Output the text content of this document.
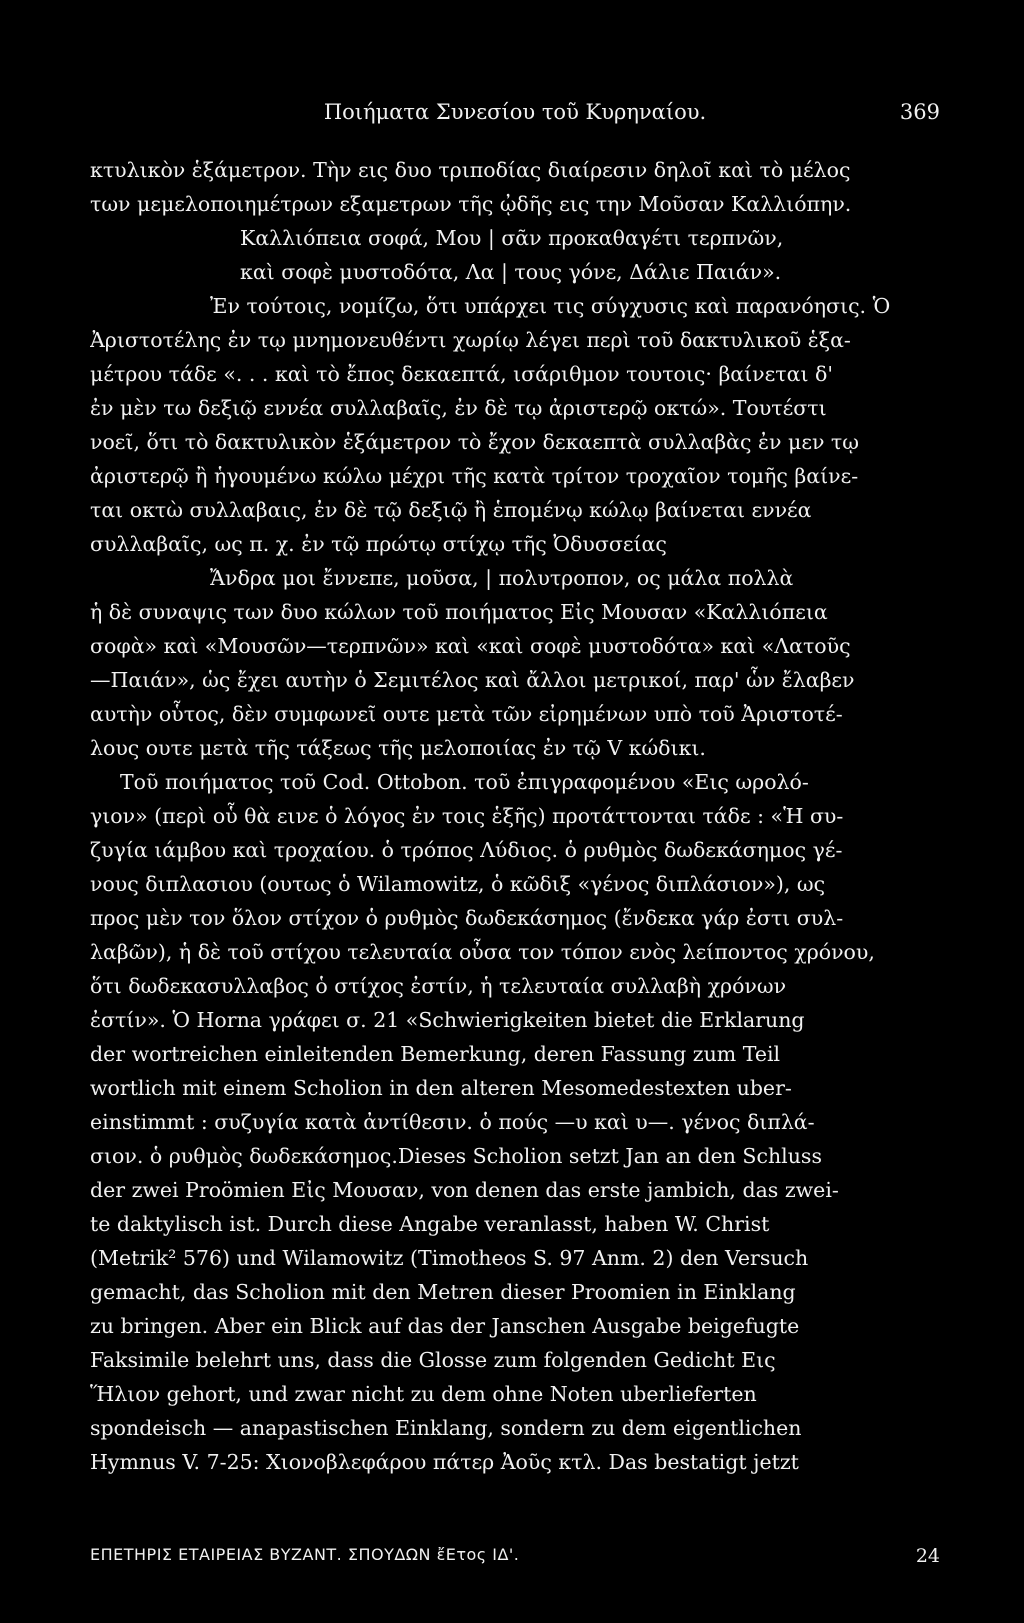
Ποιήματα Συνεσίου τοῦ Κυρηναίου.	369
κτυλικὸν ἑξάμετρον. Τὴν εις δυο τριποδίας διαίρεσιν δηλοῖ καὶ τὸ μέλος
των μεμελοποιημέτρων εξαμετρων τῆς ᾠδῆς εις την Μοῦσαν Καλλιόπην.
Καλλιόπεια σοφά, Μου | σᾶν προκαθαγέτι τερπνῶν,
καὶ σοφὲ μυστοδότα, Λα | τους γόνε, Δάλιε Παιάν».
Ἐν τούτοις, νομίζω, ὅτι υπάρχει τις σύγχυσις καὶ παρανόησις. Ὁ
Ἀριστοτέλης ἐν τῳ μνημονευθέντι χωρίῳ λέγει περὶ τοῦ δακτυλικοῦ ἑξα-
μέτρου τάδε «. . . καὶ τὸ ἔπος δεκαεπτά, ισάριθμον τουτοις· βαίνεται δ'
ἐν μὲν τω δεξιῷ εννέα συλλαβαῖς, ἐν δὲ τῳ ἀριστερῷ οκτώ». Τουτέστι
νοεῖ, ὅτι τὸ δακτυλικὸν ἑξάμετρον τὸ ἔχον δεκαεπτὰ συλλαβὰς ἐν μεν τῳ
ἀριστερῷ ἢ ἡγουμένω κώλω μέχρι τῆς κατὰ τρίτον τροχαῖον τομῆς βαίνε-
ται οκτὼ συλλαβαις, ἐν δὲ τῷ δεξιῷ ἢ ἑπομένῳ κώλῳ βαίνεται εννέα
συλλαβαῖς, ως π. χ. ἐν τῷ πρώτῳ στίχῳ τῆς Ὀδυσσείας
Ἄνδρα μοι ἔννεπε, μοῦσα, | πολυτροπον, ος μάλα πολλὰ
ἡ δὲ συναψις των δυο κώλων τοῦ ποιήματος Εἰς Μουσαν «Καλλιόπεια
σοφὰ» καὶ «Μουσῶν—τερπνῶν» καὶ «καὶ σοφὲ μυστοδότα» καὶ «Λατοῦς
—Παιάν», ὡς ἔχει αυτὴν ὁ Σεμιτέλος καὶ ἄλλοι μετρικοί, παρ' ὧν ἔλαβεν
αυτὴν οὗτος, δὲν συμφωνεῖ ουτε μετὰ τῶν εἰρημένων υπὸ τοῦ Ἀριστοτέ-
λους ουτε μετὰ τῆς τάξεως τῆς μελοποιίας ἐν τῷ V κώδικι.
Τοῦ ποιήματος τοῦ Cod. Ottobon. τοῦ ἐπιγραφομένου «Εις ωρολό-
γιον» (περὶ οὗ θὰ εινε ὁ λόγος ἐν τοις ἑξῆς) προτάττονται τάδε : «Ἡ συ-
ζυγία ιάμβου καὶ τροχαίου. ὁ τρόπος Λύδιος. ὁ ρυθμὸς δωδεκάσημος γέ-
νους διπλασιου (ουτως ὁ Wilamowitz, ὁ κῶδιξ «γένος διπλάσιον»), ως
προς μὲν τον ὅλον στίχον ὁ ρυθμὸς δωδεκάσημος (ἔνδεκα γάρ ἐστι συλ-
λαβῶν), ἡ δὲ τοῦ στίχου τελευταία οὖσα τον τόπον ενὸς λείποντος χρόνου,
ὅτι δωδεκασυλλαβος ὁ στίχος ἐστίν, ἡ τελευταία συλλαβὴ χρόνων
ἐστίν». Ὁ Horna γράφει σ. 21 «Schwierigkeiten bietet die Erklarung
der wortreichen einleitenden Bemerkung, deren Fassung zum Teil
wortlich mit einem Scholion in den alteren Mesomedestexten uber-
einstimmt : συζυγία κατὰ ἀντίθεσιν. ὁ πούς —υ καὶ υ—. γένος διπλά-
σιον. ὁ ρυθμὸς δωδεκάσημος.Dieses Scholion setzt Jan an den Schluss
der zwei Proömien Εἰς Μουσαν, von denen das erste jambich, das zwei-
te daktylisch ist. Durch diese Angabe veranlasst, haben W. Christ
(Metrik² 576) und Wilamowitz (Timotheos S. 97 Anm. 2) den Versuch
gemacht, das Scholion mit den Metren dieser Proomien in Einklang
zu bringen. Aber ein Blick auf das der Janschen Ausgabe beigefugte
Faksimile belehrt uns, dass die Glosse zum folgenden Gedicht Εις
Ἥλιον gehort, und zwar nicht zu dem ohne Noten uberlieferten
spondeisch — anapastischen Einklang, sondern zu dem eigentlichen
Hymnus V. 7-25: Χιονοβλεφάρου πάτερ Ἀοῦς κτλ. Das bestatigt jetzt
ΕΠΕΤΗΡΙΣ ΕΤΑΙΡΕΙΑΣ ΒΥΖΑΝΤ. ΣΠΟΥΔΩΝ ἔΕτος ΙΔ'.	24
